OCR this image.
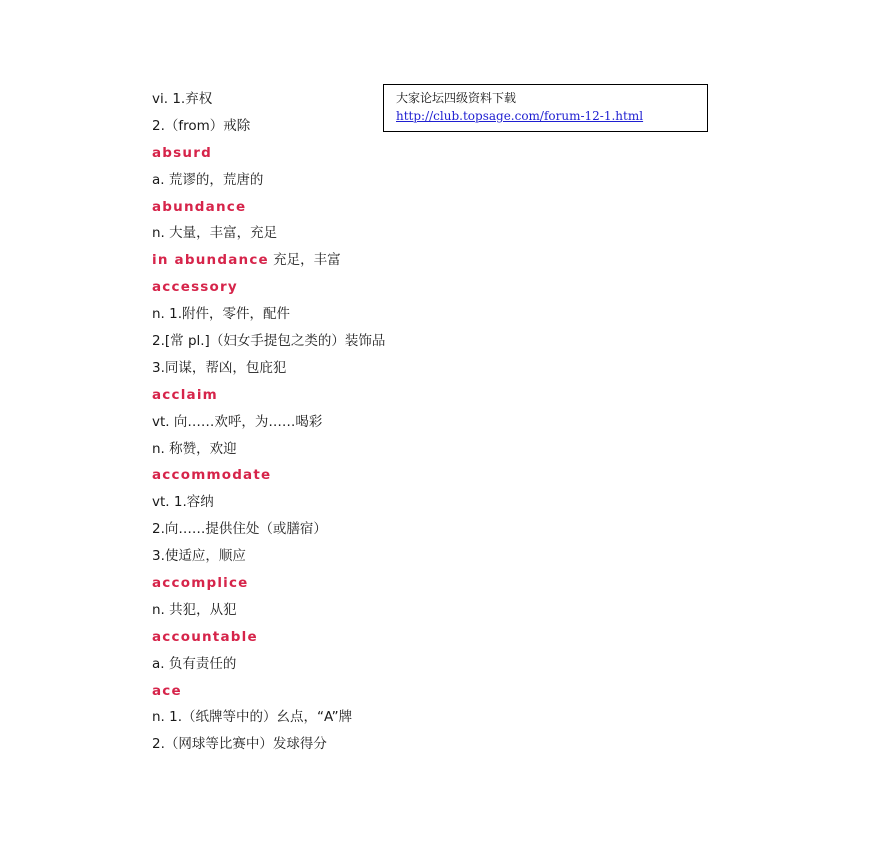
大家论坛四级资料下载
http://club.topsage.com/forum-12-1.html
vi. 1.弃权
2.（from）戒除
absurd
a. 荒谬的，荒唐的
abundance
n. 大量，丰富，充足
in abundance 充足，丰富
accessory
n. 1.附件，零件，配件
2.[常 pl.]（妇女手提包之类的）装饰品
3.同谋，帮凶，包庇犯
acclaim
vt. 向……欢呼，为……喝彩
n. 称赞，欢迎
accommodate
vt. 1.容纳
2.向……提供住处（或膳宿）
3.使适应，顺应
accomplice
n. 共犯，从犯
accountable
a. 负有责任的
ace
n. 1.（纸牌等中的）幺点，“A”牌
2.（网球等比赛中）发球得分
